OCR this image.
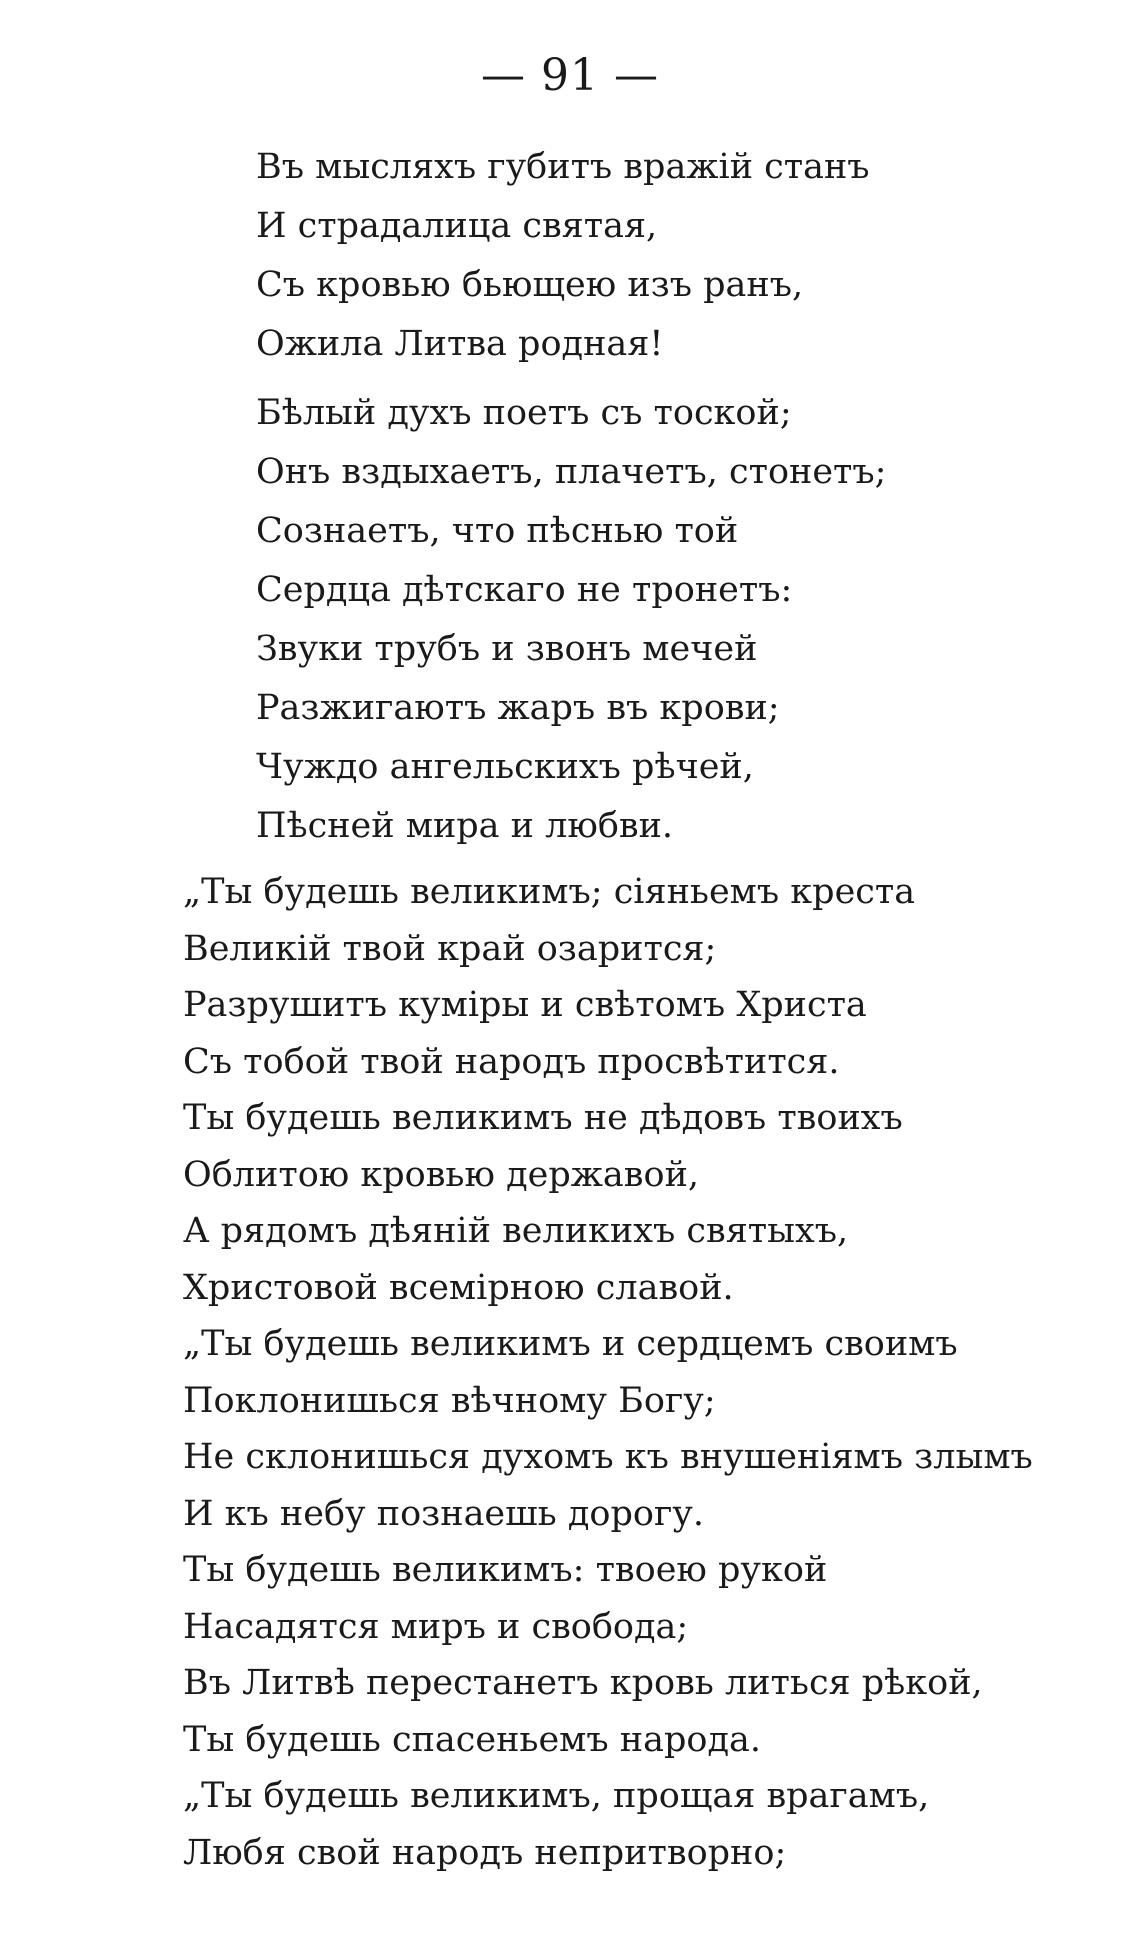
— 91 —
Въ мысляхъ губитъ вражій станъ
И страдалица святая,
Съ кровью бьющею изъ ранъ,
Ожила Литва родная!
Бѣлый духъ поетъ съ тоской;
Онъ вздыхаетъ, плачетъ, стонетъ;
Сознаетъ, что пѣснью той
Сердца дѣтскаго не тронетъ:
Звуки трубъ и звонъ мечей
Разжигаютъ жаръ въ крови;
Чуждо ангельскихъ рѣчей,
Пѣсней мира и любви.
„Ты будешь великимъ; сіяньемъ креста
Великій твой край озарится;
Разрушитъ кумiры и свѣтомъ Христа
Съ тобой твой народъ просвѣтится.
Ты будешь великимъ не дѣдовъ твоихъ
Облитою кровью державой,
А рядомъ дѣяній великихъ святыхъ,
Христовой всемірною славой.
„Ты будешь великимъ и сердцемъ своимъ
Поклонишься вѣчному Богу;
Не склонишься духомъ къ внушеніямъ злымъ
И къ небу познаешь дорогу.
Ты будешь великимъ: твоею рукой
Насадятся миръ и свобода;
Въ Литвѣ перестанетъ кровь литься рѣкой,
Ты будешь спасеньемъ народа.
„Ты будешь великимъ, прощая врагамъ,
Любя свой народъ непритворно;
